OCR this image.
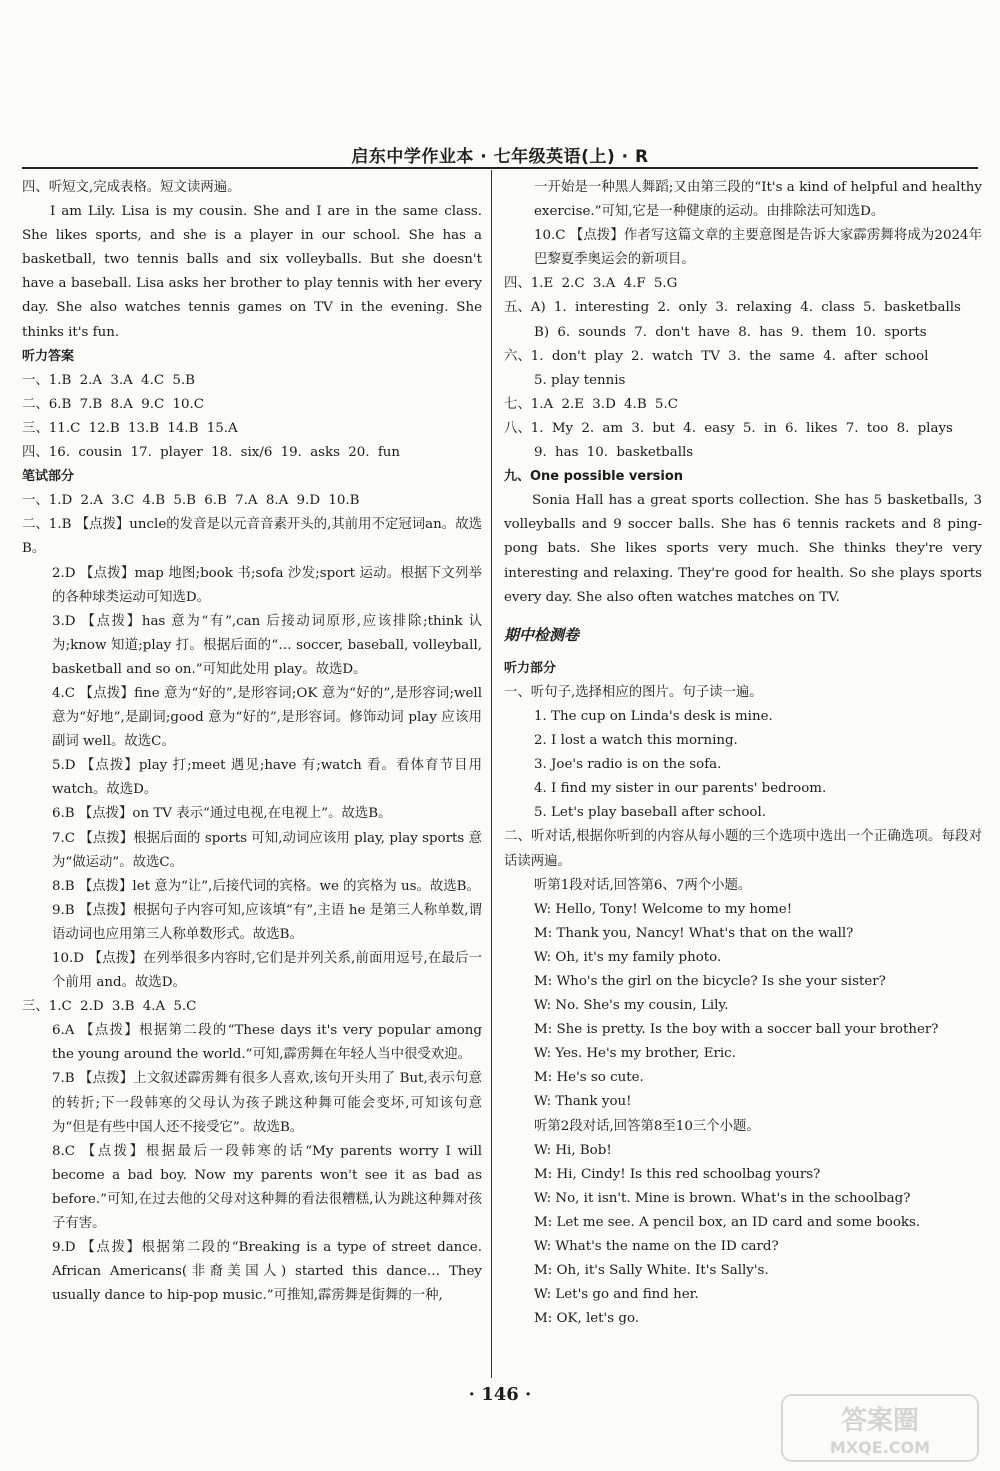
启东中学作业本 · 七年级英语(上) · R

四、听短文,完成表格。短文读两遍。

I am Lily. Lisa is my cousin. She and I are in the same class. She likes sports, and she is a player in our school. She has a basketball, two tennis balls and six volleyballs. But she doesn't have a baseball. Lisa asks her brother to play tennis with her every day. She also watches tennis games on TV in the evening. She thinks it's fun.

听力答案

一、1.B 2.A 3.A 4.C 5.B

二、6.B 7.B 8.A 9.C 10.C

三、11.C 12.B 13.B 14.B 15.A

四、16. cousin 17. player 18. six/6 19. asks 20. fun

笔试部分

一、1.D 2.A 3.C 4.B 5.B 6.B 7.A 8.A 9.D 10.B

二、1.B 【点拨】uncle的发音是以元音音素开头的,其前用不定冠词an。故选B。

2.D 【点拨】map 地图;book 书;sofa 沙发;sport 运动。根据下文列举的各种球类运动可知选D。

3.D 【点拨】has 意为“有”,can 后接动词原形,应该排除;think 认为;know 知道;play 打。根据后面的“… soccer, baseball, volleyball, basketball and so on.”可知此处用 play。故选D。

4.C 【点拨】fine 意为“好的”,是形容词;OK 意为“好的”,是形容词;well 意为“好地”,是副词;good 意为“好的”,是形容词。修饰动词 play 应该用副词 well。故选C。

5.D 【点拨】play 打;meet 遇见;have 有;watch 看。看体育节目用 watch。故选D。

6.B 【点拨】on TV 表示“通过电视,在电视上”。故选B。

7.C 【点拨】根据后面的 sports 可知,动词应该用 play, play sports 意为“做运动”。故选C。

8.B 【点拨】let 意为“让”,后接代词的宾格。we 的宾格为 us。故选B。

9.B 【点拨】根据句子内容可知,应该填“有”,主语 he 是第三人称单数,谓语动词也应用第三人称单数形式。故选B。

10.D 【点拨】在列举很多内容时,它们是并列关系,前面用逗号,在最后一个前用 and。故选D。

三、1.C 2.D 3.B 4.A 5.C

6.A 【点拨】根据第二段的“These days it's very popular among the young around the world.”可知,霹雳舞在年轻人当中很受欢迎。

7.B 【点拨】上文叙述霹雳舞有很多人喜欢,该句开头用了 But,表示句意的转折;下一段韩寒的父母认为孩子跳这种舞可能会变坏,可知该句意为“但是有些中国人还不接受它”。故选B。

8.C 【点拨】根据最后一段韩寒的话“My parents worry I will become a bad boy. Now my parents won't see it as bad as before.”可知,在过去他的父母对这种舞的看法很糟糕,认为跳这种舞对孩子有害。

9.D 【点拨】根据第二段的“Breaking is a type of street dance. African Americans(非裔美国人) started this dance… They usually dance to hip-pop music.”可推知,霹雳舞是街舞的一种,

一开始是一种黑人舞蹈;又由第三段的“It's a kind of helpful and healthy exercise.”可知,它是一种健康的运动。由排除法可知选D。

10.C 【点拨】作者写这篇文章的主要意图是告诉大家霹雳舞将成为2024年巴黎夏季奥运会的新项目。

四、1.E 2.C 3.A 4.F 5.G

五、A) 1. interesting 2. only 3. relaxing 4. class 5. basketballs

B) 6. sounds 7. don't have 8. has 9. them 10. sports

六、1. don't play 2. watch TV 3. the same 4. after school

5. play tennis

七、1.A 2.E 3.D 4.B 5.C

八、1. My 2. am 3. but 4. easy 5. in 6. likes 7. too 8. plays

9. has 10. basketballs

九、One possible version

Sonia Hall has a great sports collection. She has 5 basketballs, 3 volleyballs and 9 soccer balls. She has 6 tennis rackets and 8 ping-pong bats. She likes sports very much. She thinks they're very interesting and relaxing. They're good for health. So she plays sports every day. She also often watches matches on TV.

期中检测卷

听力部分

一、听句子,选择相应的图片。句子读一遍。

1. The cup on Linda's desk is mine.

2. I lost a watch this morning.

3. Joe's radio is on the sofa.

4. I find my sister in our parents' bedroom.

5. Let's play baseball after school.

二、听对话,根据你听到的内容从每小题的三个选项中选出一个正确选项。每段对话读两遍。

听第1段对话,回答第6、7两个小题。

W: Hello, Tony! Welcome to my home!

M: Thank you, Nancy! What's that on the wall?

W: Oh, it's my family photo.

M: Who's the girl on the bicycle? Is she your sister?

W: No. She's my cousin, Lily.

M: She is pretty. Is the boy with a soccer ball your brother?

W: Yes. He's my brother, Eric.

M: He's so cute.

W: Thank you!

听第2段对话,回答第8至10三个小题。

W: Hi, Bob!

M: Hi, Cindy! Is this red schoolbag yours?

W: No, it isn't. Mine is brown. What's in the schoolbag?

M: Let me see. A pencil box, an ID card and some books.

W: What's the name on the ID card?

M: Oh, it's Sally White. It's Sally's.

W: Let's go and find her.

M: OK, let's go.

· 146 ·
答案圈
MXQE.COM
